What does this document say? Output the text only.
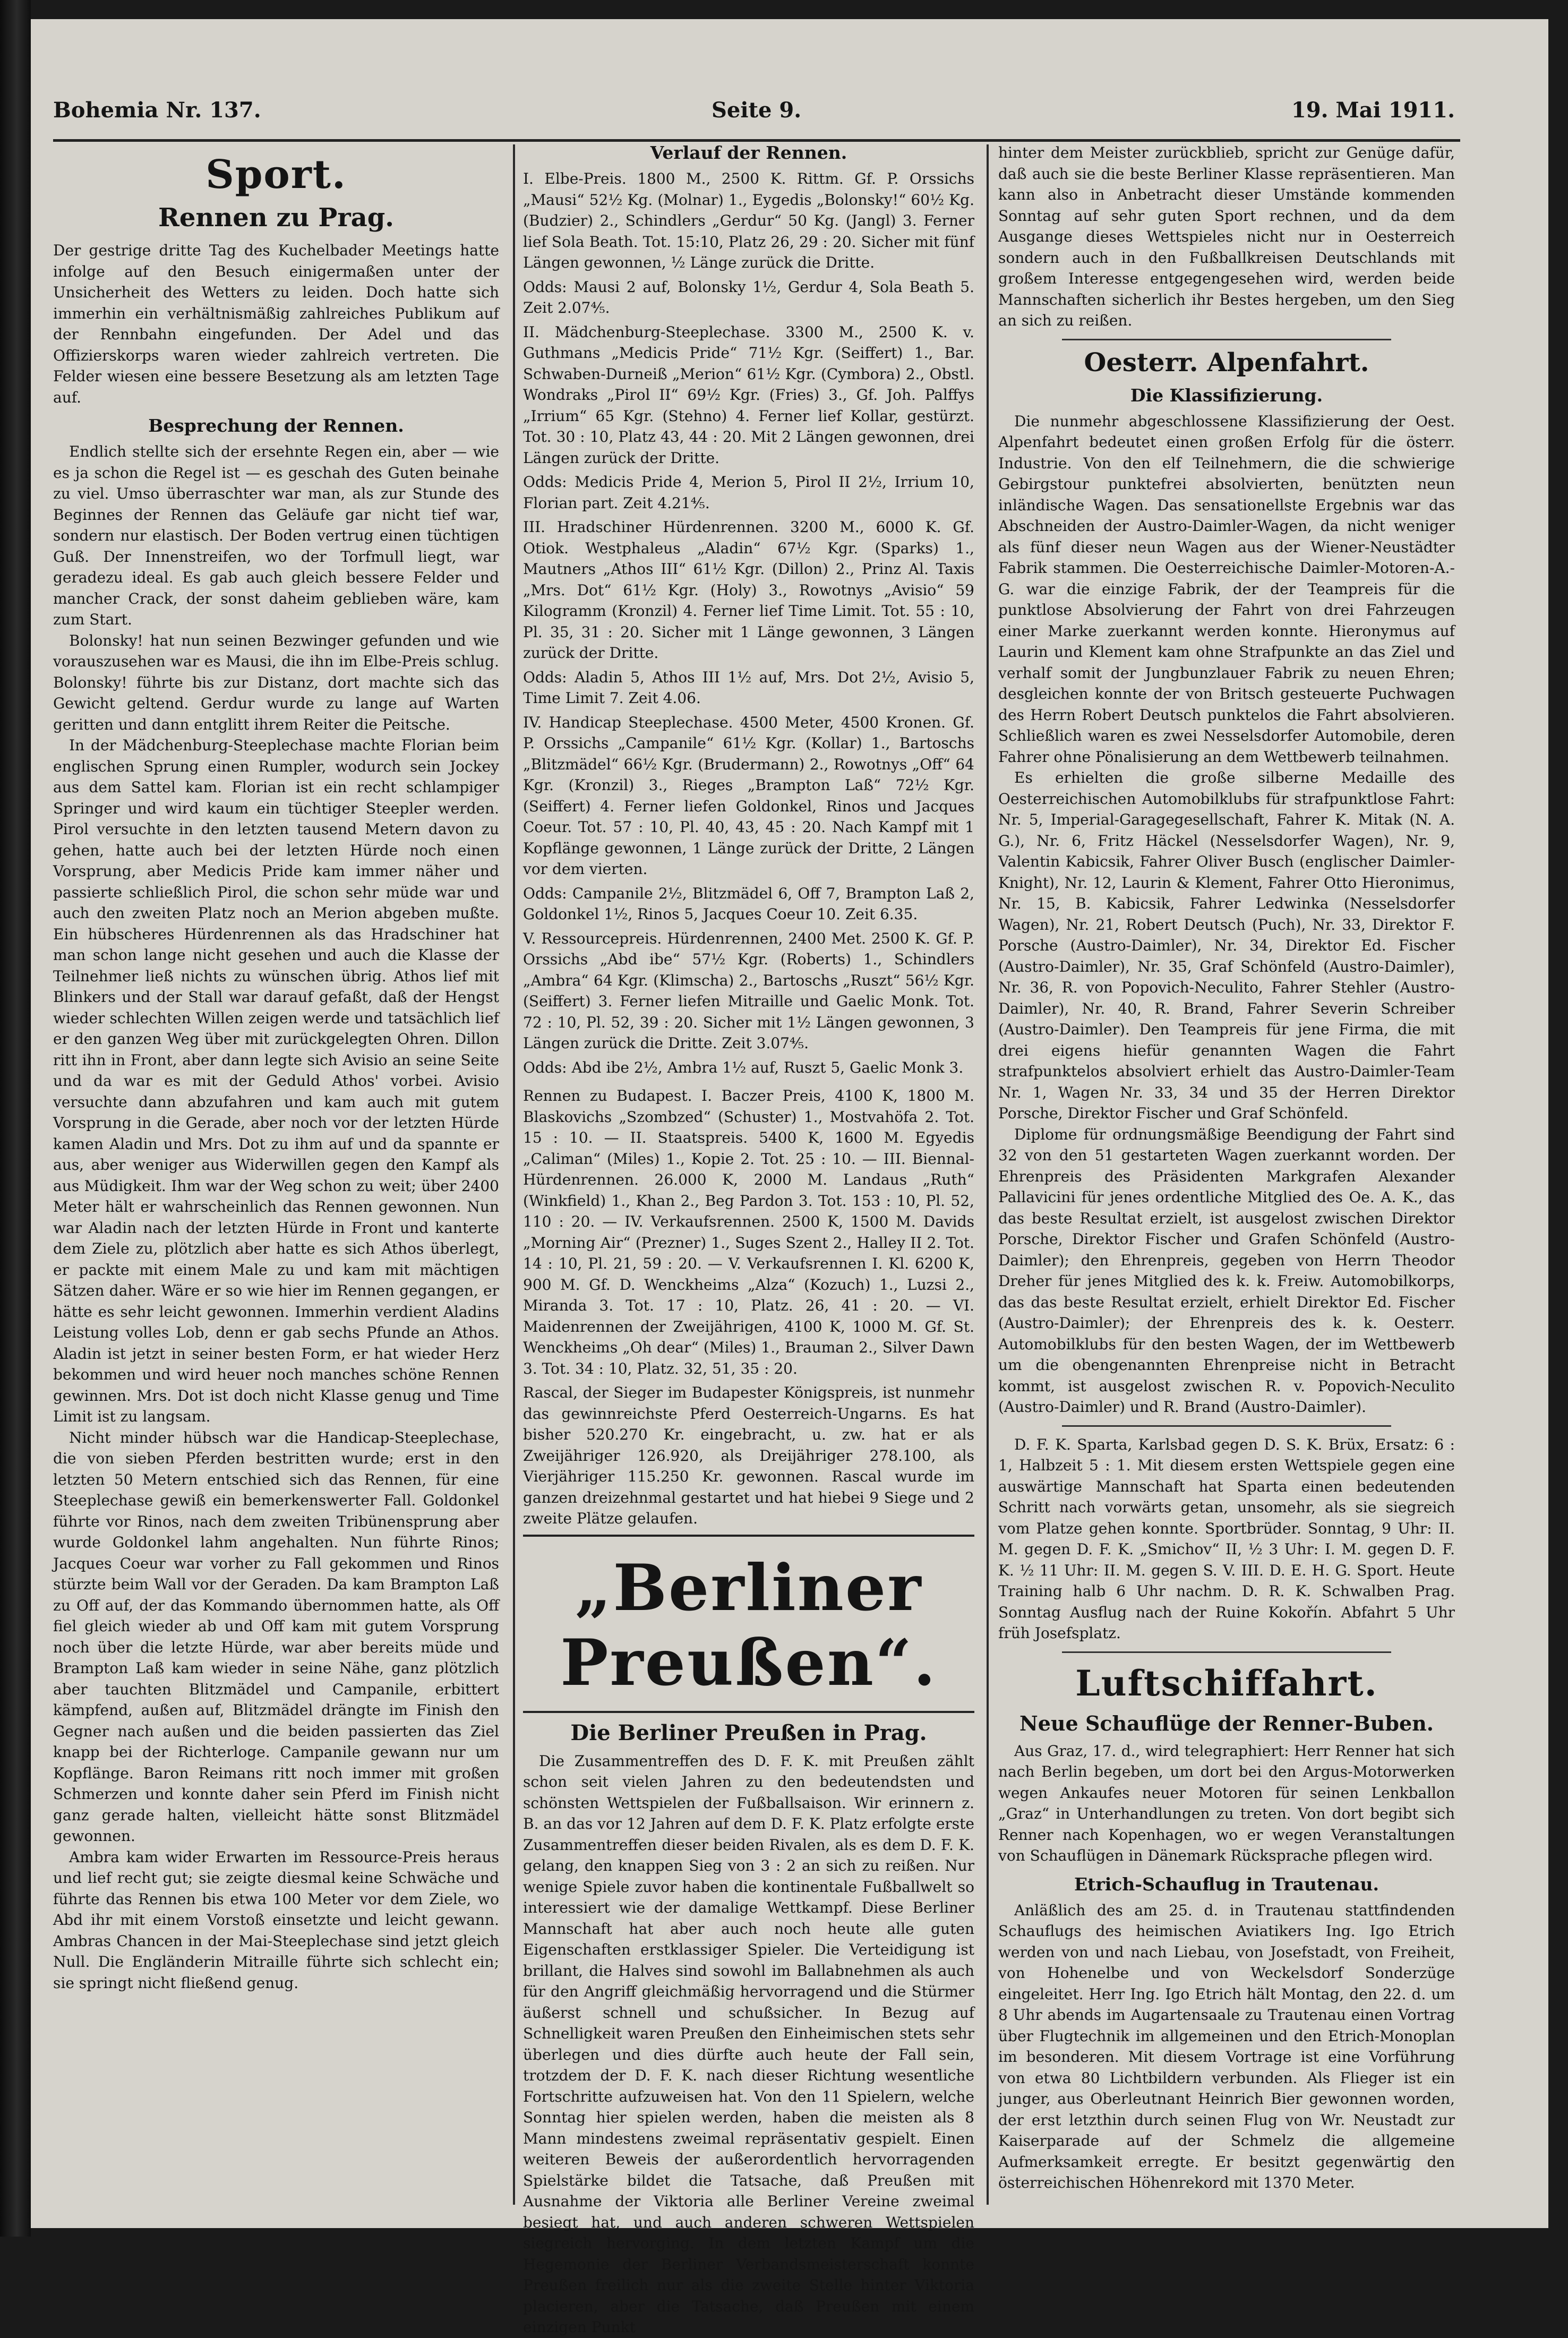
Bohemia Nr. 137.	Seite 9.	19. Mai 1911.
Sport.
Rennen zu Prag.

Der gestrige dritte Tag des Kuchelbader Meetings hatte infolge auf den Besuch einigermaßen unter der Unsicherheit des Wetters zu leiden. Doch hatte sich immerhin ein verhältnismäßig zahlreiches Publikum auf der Rennbahn eingefunden. Der Adel und das Offizierskorps waren wieder zahlreich vertreten. Die Felder wiesen eine bessere Besetzung als am letzten Tage auf.

Besprechung der Rennen.

Endlich stellte sich der ersehnte Regen ein, aber — wie es ja schon die Regel ist — es geschah des Guten beinahe zu viel. Umso überraschter war man, als zur Stunde des Beginnes der Rennen das Geläufe gar nicht tief war, sondern nur elastisch. Der Boden vertrug einen tüchtigen Guß. Der Innenstreifen, wo der Torfmull liegt, war geradezu ideal. Es gab auch gleich bessere Felder und mancher Crack, der sonst daheim geblieben wäre, kam zum Start.

Bolonsky! hat nun seinen Bezwinger gefunden und wie vorauszusehen war es Mausi, die ihn im Elbe-Preis schlug. Bolonsky! führte bis zur Distanz, dort machte sich das Gewicht geltend. Gerdur wurde zu lange auf Warten geritten und dann entglitt ihrem Reiter die Peitsche.

In der Mädchenburg-Steeplechase machte Florian beim englischen Sprung einen Rumpler, wodurch sein Jockey aus dem Sattel kam. Florian ist ein recht schlampiger Springer und wird kaum ein tüchtiger Steepler werden. Pirol versuchte in den letzten tausend Metern davon zu gehen, hatte auch bei der letzten Hürde noch einen Vorsprung, aber Medicis Pride kam immer näher und passierte schließlich Pirol, die schon sehr müde war und auch den zweiten Platz noch an Merion abgeben mußte. Ein hübscheres Hürdenrennen als das Hradschiner hat man schon lange nicht gesehen und auch die Klasse der Teilnehmer ließ nichts zu wünschen übrig. Athos lief mit Blinkers und der Stall war darauf gefaßt, daß der Hengst wieder schlechten Willen zeigen werde und tatsächlich lief er den ganzen Weg über mit zurückgelegten Ohren. Dillon ritt ihn in Front, aber dann legte sich Avisio an seine Seite und da war es mit der Geduld Athos' vorbei. Avisio versuchte dann abzufahren und kam auch mit gutem Vorsprung in die Gerade, aber noch vor der letzten Hürde kamen Aladin und Mrs. Dot zu ihm auf und da spannte er aus, aber weniger aus Widerwillen gegen den Kampf als aus Müdigkeit. Ihm war der Weg schon zu weit; über 2400 Meter hält er wahrscheinlich das Rennen gewonnen. Nun war Aladin nach der letzten Hürde in Front und kanterte dem Ziele zu, plötzlich aber hatte es sich Athos überlegt, er packte mit einem Male zu und kam mit mächtigen Sätzen daher. Wäre er so wie hier im Rennen gegangen, er hätte es sehr leicht gewonnen. Immerhin verdient Aladins Leistung volles Lob, denn er gab sechs Pfunde an Athos. Aladin ist jetzt in seiner besten Form, er hat wieder Herz bekommen und wird heuer noch manches schöne Rennen gewinnen. Mrs. Dot ist doch nicht Klasse genug und Time Limit ist zu langsam.

Nicht minder hübsch war die Handicap-Steeplechase, die von sieben Pferden bestritten wurde; erst in den letzten 50 Metern entschied sich das Rennen, für eine Steeplechase gewiß ein bemerkenswerter Fall. Goldonkel führte vor Rinos, nach dem zweiten Tribünensprung aber wurde Goldonkel lahm angehalten. Nun führte Rinos; Jacques Coeur war vorher zu Fall gekommen und Rinos stürzte beim Wall vor der Geraden. Da kam Brampton Laß zu Off auf, der das Kommando übernommen hatte, als Off fiel gleich wieder ab und Off kam mit gutem Vorsprung noch über die letzte Hürde, war aber bereits müde und Brampton Laß kam wieder in seine Nähe, ganz plötzlich aber tauchten Blitzmädel und Campanile, erbittert kämpfend, außen auf, Blitzmädel drängte im Finish den Gegner nach außen und die beiden passierten das Ziel knapp bei der Richterloge. Campanile gewann nur um Kopflänge. Baron Reimans ritt noch immer mit großen Schmerzen und konnte daher sein Pferd im Finish nicht ganz gerade halten, vielleicht hätte sonst Blitzmädel gewonnen.

Ambra kam wider Erwarten im Ressource-Preis heraus und lief recht gut; sie zeigte diesmal keine Schwäche und führte das Rennen bis etwa 100 Meter vor dem Ziele, wo Abd ihr mit einem Vorstoß einsetzte und leicht gewann. Ambras Chancen in der Mai-Steeplechase sind jetzt gleich Null. Die Engländerin Mitraille führte sich schlecht ein; sie springt nicht fließend genug.

Verlauf der Rennen.

I. Elbe-Preis. 1800 M., 2500 K. Rittm. Gf. P. Orssichs „Mausi“ 52½ Kg. (Molnar) 1., Eygedis „Bolonsky!“ 60½ Kg. (Budzier) 2., Schindlers „Gerdur“ 50 Kg. (Jangl) 3. Ferner lief Sola Beath. Tot. 15:10, Platz 26, 29 : 20. Sicher mit fünf Längen gewonnen, ½ Länge zurück die Dritte.

Odds: Mausi 2 auf, Bolonsky 1½, Gerdur 4, Sola Beath 5. Zeit 2.07⅘.

II. Mädchenburg-Steeplechase. 3300 M., 2500 K. v. Guthmans „Medicis Pride“ 71½ Kgr. (Seiffert) 1., Bar. Schwaben-Durneiß „Merion“ 61½ Kgr. (Cymbora) 2., Obstl. Wondraks „Pirol II“ 69½ Kgr. (Fries) 3., Gf. Joh. Palffys „Irrium“ 65 Kgr. (Stehno) 4. Ferner lief Kollar, gestürzt. Tot. 30 : 10, Platz 43, 44 : 20. Mit 2 Längen gewonnen, drei Längen zurück der Dritte.

Odds: Medicis Pride 4, Merion 5, Pirol II 2½, Irrium 10, Florian part. Zeit 4.21⅘.

III. Hradschiner Hürdenrennen. 3200 M., 6000 K. Gf. Otiok. Westphaleus „Aladin“ 67½ Kgr. (Sparks) 1., Mautners „Athos III“ 61½ Kgr. (Dillon) 2., Prinz Al. Taxis „Mrs. Dot“ 61½ Kgr. (Holy) 3., Rowotnys „Avisio“ 59 Kilogramm (Kronzil) 4. Ferner lief Time Limit. Tot. 55 : 10, Pl. 35, 31 : 20. Sicher mit 1 Länge gewonnen, 3 Längen zurück der Dritte.

Odds: Aladin 5, Athos III 1½ auf, Mrs. Dot 2½, Avisio 5, Time Limit 7. Zeit 4.06.

IV. Handicap Steeplechase. 4500 Meter, 4500 Kronen. Gf. P. Orssichs „Campanile“ 61½ Kgr. (Kollar) 1., Bartoschs „Blitzmädel“ 66½ Kgr. (Brudermann) 2., Rowotnys „Off“ 64 Kgr. (Kronzil) 3., Rieges „Brampton Laß“ 72½ Kgr. (Seiffert) 4. Ferner liefen Goldonkel, Rinos und Jacques Coeur. Tot. 57 : 10, Pl. 40, 43, 45 : 20. Nach Kampf mit 1 Kopflänge gewonnen, 1 Länge zurück der Dritte, 2 Längen vor dem vierten.

Odds: Campanile 2½, Blitzmädel 6, Off 7, Brampton Laß 2, Goldonkel 1½, Rinos 5, Jacques Coeur 10. Zeit 6.35.

V. Ressourcepreis. Hürdenrennen, 2400 Met. 2500 K. Gf. P. Orssichs „Abd ibe“ 57½ Kgr. (Roberts) 1., Schindlers „Ambra“ 64 Kgr. (Klimscha) 2., Bartoschs „Ruszt“ 56½ Kgr. (Seiffert) 3. Ferner liefen Mitraille und Gaelic Monk. Tot. 72 : 10, Pl. 52, 39 : 20. Sicher mit 1½ Längen gewonnen, 3 Längen zurück die Dritte. Zeit 3.07⅘.

Odds: Abd ibe 2½, Ambra 1½ auf, Ruszt 5, Gaelic Monk 3.

Rennen zu Budapest. I. Baczer Preis, 4100 K, 1800 M. Blaskovichs „Szombzed“ (Schuster) 1., Mostvahöfa 2. Tot. 15 : 10. — II. Staatspreis. 5400 K, 1600 M. Egyedis „Caliman“ (Miles) 1., Kopie 2. Tot. 25 : 10. — III. Biennal-Hürdenrennen. 26.000 K, 2000 M. Landaus „Ruth“ (Winkfield) 1., Khan 2., Beg Pardon 3. Tot. 153 : 10, Pl. 52, 110 : 20. — IV. Verkaufsrennen. 2500 K, 1500 M. Davids „Morning Air“ (Prezner) 1., Suges Szent 2., Halley II 2. Tot. 14 : 10, Pl. 21, 59 : 20. — V. Verkaufsrennen I. Kl. 6200 K, 900 M. Gf. D. Wenckheims „Alza“ (Kozuch) 1., Luzsi 2., Miranda 3. Tot. 17 : 10, Platz. 26, 41 : 20. — VI. Maidenrennen der Zweijährigen, 4100 K, 1000 M. Gf. St. Wenckheims „Oh dear“ (Miles) 1., Brauman 2., Silver Dawn 3. Tot. 34 : 10, Platz. 32, 51, 35 : 20.

Rascal, der Sieger im Budapester Königspreis, ist nunmehr das gewinnreichste Pferd Oesterreich-Ungarns. Es hat bisher 520.270 Kr. eingebracht, u. zw. hat er als Zweijähriger 126.920, als Dreijähriger 278.100, als Vierjähriger 115.250 Kr. gewonnen. Rascal wurde im ganzen dreizehnmal gestartet und hat hiebei 9 Siege und 2 zweite Plätze gelaufen.

„Berliner Preußen“.
Die Berliner Preußen in Prag.

Die Zusammentreffen des D. F. K. mit Preußen zählt schon seit vielen Jahren zu den bedeutendsten und schönsten Wettspielen der Fußballsaison. Wir erinnern z. B. an das vor 12 Jahren auf dem D. F. K. Platz erfolgte erste Zusammentreffen dieser beiden Rivalen, als es dem D. F. K. gelang, den knappen Sieg von 3 : 2 an sich zu reißen. Nur wenige Spiele zuvor haben die kontinentale Fußballwelt so interessiert wie der damalige Wettkampf. Diese Berliner Mannschaft hat aber auch noch heute alle guten Eigenschaften erstklassiger Spieler. Die Verteidigung ist brillant, die Halves sind sowohl im Ballabnehmen als auch für den Angriff gleichmäßig hervorragend und die Stürmer äußerst schnell und schußsicher. In Bezug auf Schnelligkeit waren Preußen den Einheimischen stets sehr überlegen und dies dürfte auch heute der Fall sein, trotzdem der D. F. K. nach dieser Richtung wesentliche Fortschritte aufzuweisen hat. Von den 11 Spielern, welche Sonntag hier spielen werden, haben die meisten als 8 Mann mindestens zweimal repräsentativ gespielt. Einen weiteren Beweis der außerordentlich hervorragenden Spielstärke bildet die Tatsache, daß Preußen mit Ausnahme der Viktoria alle Berliner Vereine zweimal besiegt hat, und auch anderen schweren Wettspielen siegreich hervorging. In dem letzten Kampf um die Hegemonie der Berliner Verbandsmeisterschaft konnte Preußen freilich nur als die zweite Stelle hinter Viktoria placieren, aber die Tatsache, daß Preußen mit einem einzigen Punkt

hinter dem Meister zurückblieb, spricht zur Genüge dafür, daß auch sie die beste Berliner Klasse repräsentieren. Man kann also in Anbetracht dieser Umstände kommenden Sonntag auf sehr guten Sport rechnen, und da dem Ausgange dieses Wettspieles nicht nur in Oesterreich sondern auch in den Fußballkreisen Deutschlands mit großem Interesse entgegengesehen wird, werden beide Mannschaften sicherlich ihr Bestes hergeben, um den Sieg an sich zu reißen.

Oesterr. Alpenfahrt.
Die Klassifizierung.

Die nunmehr abgeschlossene Klassifizierung der Oest. Alpenfahrt bedeutet einen großen Erfolg für die österr. Industrie. Von den elf Teilnehmern, die die schwierige Gebirgstour punktefrei absolvierten, benützten neun inländische Wagen. Das sensationellste Ergebnis war das Abschneiden der Austro-Daimler-Wagen, da nicht weniger als fünf dieser neun Wagen aus der Wiener-Neustädter Fabrik stammen. Die Oesterreichische Daimler-Motoren-A.-G. war die einzige Fabrik, der der Teampreis für die punktlose Absolvierung der Fahrt von drei Fahrzeugen einer Marke zuerkannt werden konnte. Hieronymus auf Laurin und Klement kam ohne Strafpunkte an das Ziel und verhalf somit der Jungbunzlauer Fabrik zu neuen Ehren; desgleichen konnte der von Britsch gesteuerte Puchwagen des Herrn Robert Deutsch punktelos die Fahrt absolvieren. Schließlich waren es zwei Nesselsdorfer Automobile, deren Fahrer ohne Pönalisierung an dem Wettbewerb teilnahmen.

Es erhielten die große silberne Medaille des Oesterreichischen Automobilklubs für strafpunktlose Fahrt: Nr. 5, Imperial-Garagegesellschaft, Fahrer K. Mitak (N. A. G.), Nr. 6, Fritz Häckel (Nesselsdorfer Wagen), Nr. 9, Valentin Kabicsik, Fahrer Oliver Busch (englischer Daimler-Knight), Nr. 12, Laurin & Klement, Fahrer Otto Hieronimus, Nr. 15, B. Kabicsik, Fahrer Ledwinka (Nesselsdorfer Wagen), Nr. 21, Robert Deutsch (Puch), Nr. 33, Direktor F. Porsche (Austro-Daimler), Nr. 34, Direktor Ed. Fischer (Austro-Daimler), Nr. 35, Graf Schönfeld (Austro-Daimler), Nr. 36, R. von Popovich-Neculito, Fahrer Stehler (Austro-Daimler), Nr. 40, R. Brand, Fahrer Severin Schreiber (Austro-Daimler). Den Teampreis für jene Firma, die mit drei eigens hiefür genannten Wagen die Fahrt strafpunktelos absolviert erhielt das Austro-Daimler-Team Nr. 1, Wagen Nr. 33, 34 und 35 der Herren Direktor Porsche, Direktor Fischer und Graf Schönfeld.

Diplome für ordnungsmäßige Beendigung der Fahrt sind 32 von den 51 gestarteten Wagen zuerkannt worden. Der Ehrenpreis des Präsidenten Markgrafen Alexander Pallavicini für jenes ordentliche Mitglied des Oe. A. K., das das beste Resultat erzielt, ist ausgelost zwischen Direktor Porsche, Direktor Fischer und Grafen Schönfeld (Austro-Daimler); den Ehrenpreis, gegeben von Herrn Theodor Dreher für jenes Mitglied des k. k. Freiw. Automobilkorps, das das beste Resultat erzielt, erhielt Direktor Ed. Fischer (Austro-Daimler); der Ehrenpreis des k. k. Oesterr. Automobilklubs für den besten Wagen, der im Wettbewerb um die obengenannten Ehrenpreise nicht in Betracht kommt, ist ausgelost zwischen R. v. Popovich-Neculito (Austro-Daimler) und R. Brand (Austro-Daimler).

D. F. K. Sparta, Karlsbad gegen D. S. K. Brüx, Ersatz: 6 : 1, Halbzeit 5 : 1. Mit diesem ersten Wettspiele gegen eine auswärtige Mannschaft hat Sparta einen bedeutenden Schritt nach vorwärts getan, unsomehr, als sie siegreich vom Platze gehen konnte. Sportbrüder. Sonntag, 9 Uhr: II. M. gegen D. F. K. „Smichov“ II, ½ 3 Uhr: I. M. gegen D. F. K. ½ 11 Uhr: II. M. gegen S. V. III. D. E. H. G. Sport. Heute Training halb 6 Uhr nachm. D. R. K. Schwalben Prag. Sonntag Ausflug nach der Ruine Kokořín. Abfahrt 5 Uhr früh Josefsplatz.

Luftschiffahrt.
Neue Schauflüge der Renner-Buben.

Aus Graz, 17. d., wird telegraphiert: Herr Renner hat sich nach Berlin begeben, um dort bei den Argus-Motorwerken wegen Ankaufes neuer Motoren für seinen Lenkballon „Graz“ in Unterhandlungen zu treten. Von dort begibt sich Renner nach Kopenhagen, wo er wegen Veranstaltungen von Schauflügen in Dänemark Rücksprache pflegen wird.

Etrich-Schauflug in Trautenau.

Anläßlich des am 25. d. in Trautenau stattfindenden Schauflugs des heimischen Aviatikers Ing. Igo Etrich werden von und nach Liebau, von Josefstadt, von Freiheit, von Hohenelbe und von Weckelsdorf Sonderzüge eingeleitet. Herr Ing. Igo Etrich hält Montag, den 22. d. um 8 Uhr abends im Augartensaale zu Trautenau einen Vortrag über Flugtechnik im allgemeinen und den Etrich-Monoplan im besonderen. Mit diesem Vortrage ist eine Vorführung von etwa 80 Lichtbildern verbunden. Als Flieger ist ein junger, aus Oberleutnant Heinrich Bier gewonnen worden, der erst letzthin durch seinen Flug von Wr. Neustadt zur Kaiserparade auf der Schmelz die allgemeine Aufmerksamkeit erregte. Er besitzt gegenwärtig den österreichischen Höhenrekord mit 1370 Meter.
